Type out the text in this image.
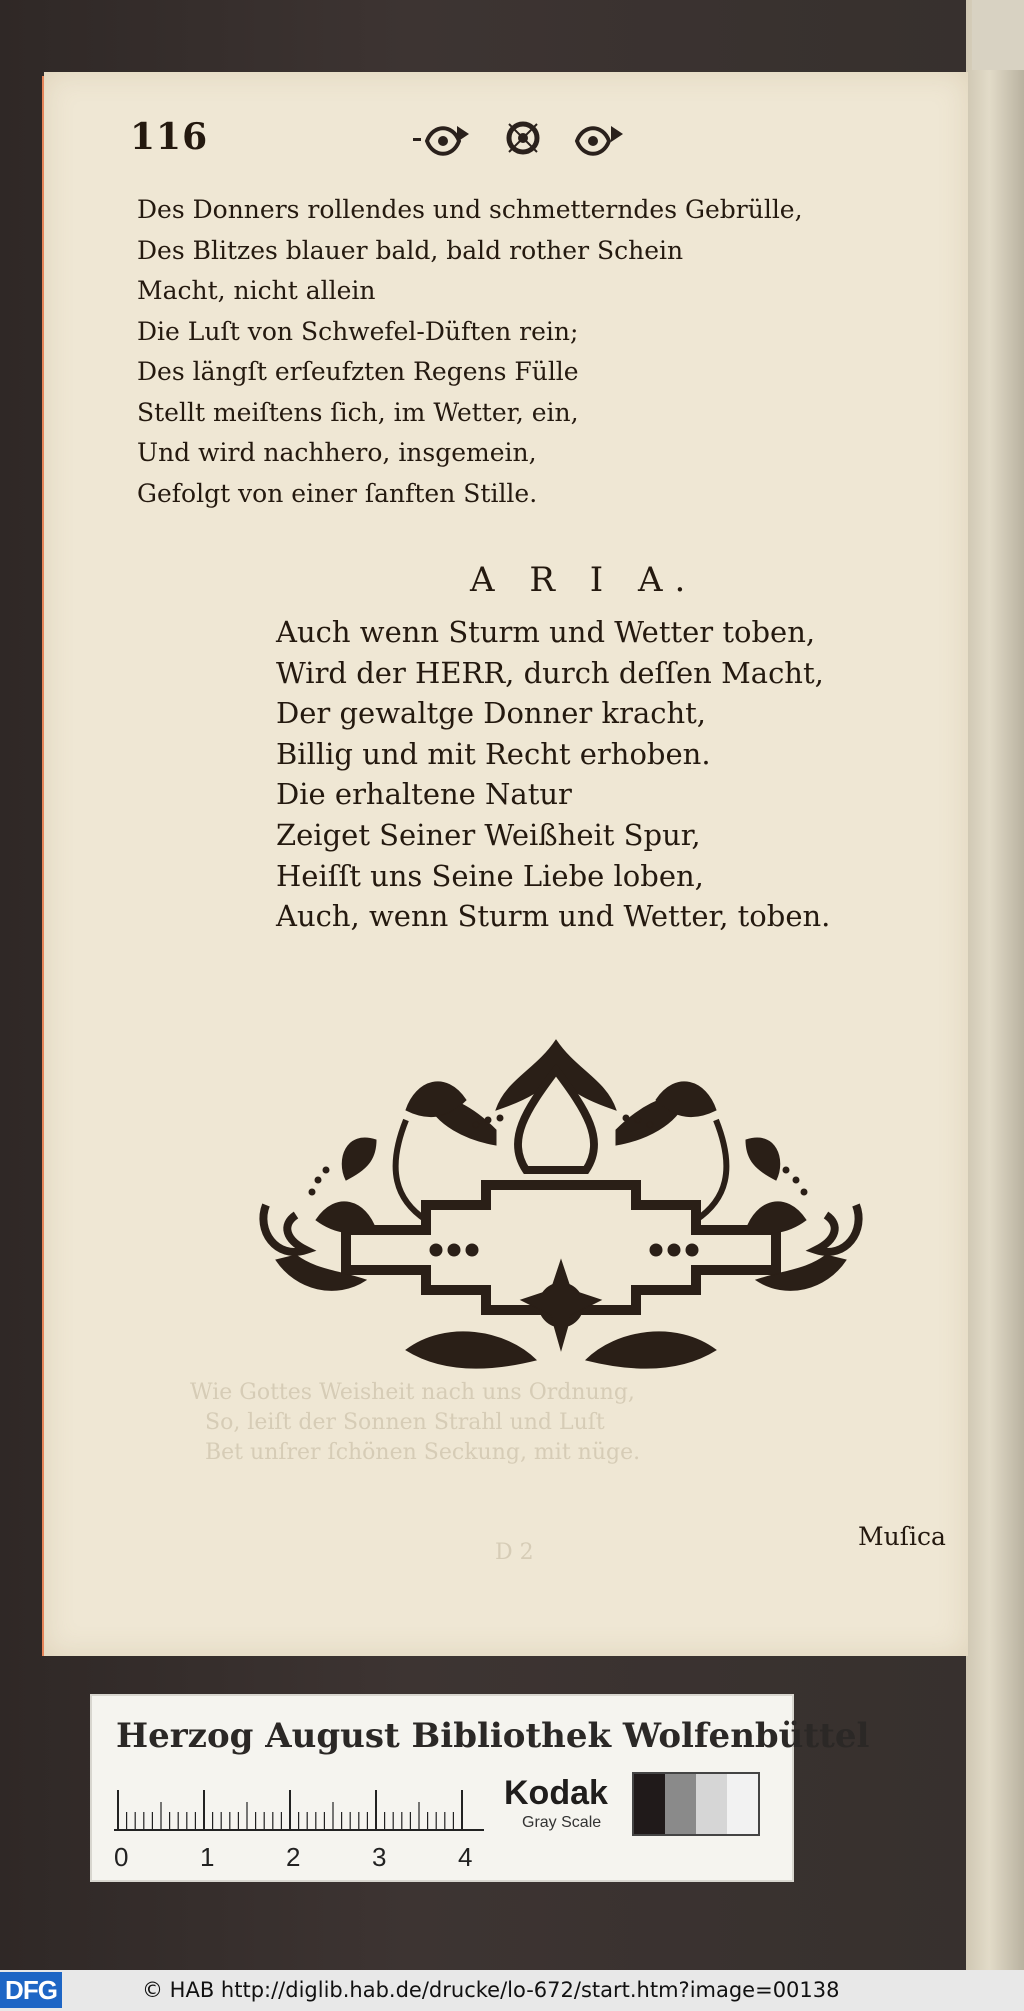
Wie Gottes Weisheit nach uns Ordnung,
So, leiſt der Sonnen Strahl und Luſt
Bet unſrer ſchönen Seckung, mit nüge.
D 2
116
Des Donners rollendes und schmetterndes Gebrülle,
Des Blitzes blauer bald, bald rother Schein
Macht, nicht allein
Die Luſt von Schwefel-Düften rein;
Des längſt erſeufzten Regens Fülle
Stellt meiſtens ſich, im Wetter, ein,
Und wird nachhero, insgemein,
Gefolgt von einer ſanften Stille.
A R I A.
Auch wenn Sturm und Wetter toben,
Wird der HERR, durch deſſen Macht,
Der gewaltge Donner kracht,
Billig und mit Recht erhoben.
Die erhaltene Natur
Zeiget Seiner Weißheit Spur,
Heiſſt uns Seine Liebe loben,
Auch, wenn Sturm und Wetter, toben.
Muſica
Herzog August Bibliothek Wolfenbüttel
0	1	2	3	4
Kodak
Gray Scale
DFG	© HAB http://diglib.hab.de/drucke/lo-672/start.htm?image=00138
